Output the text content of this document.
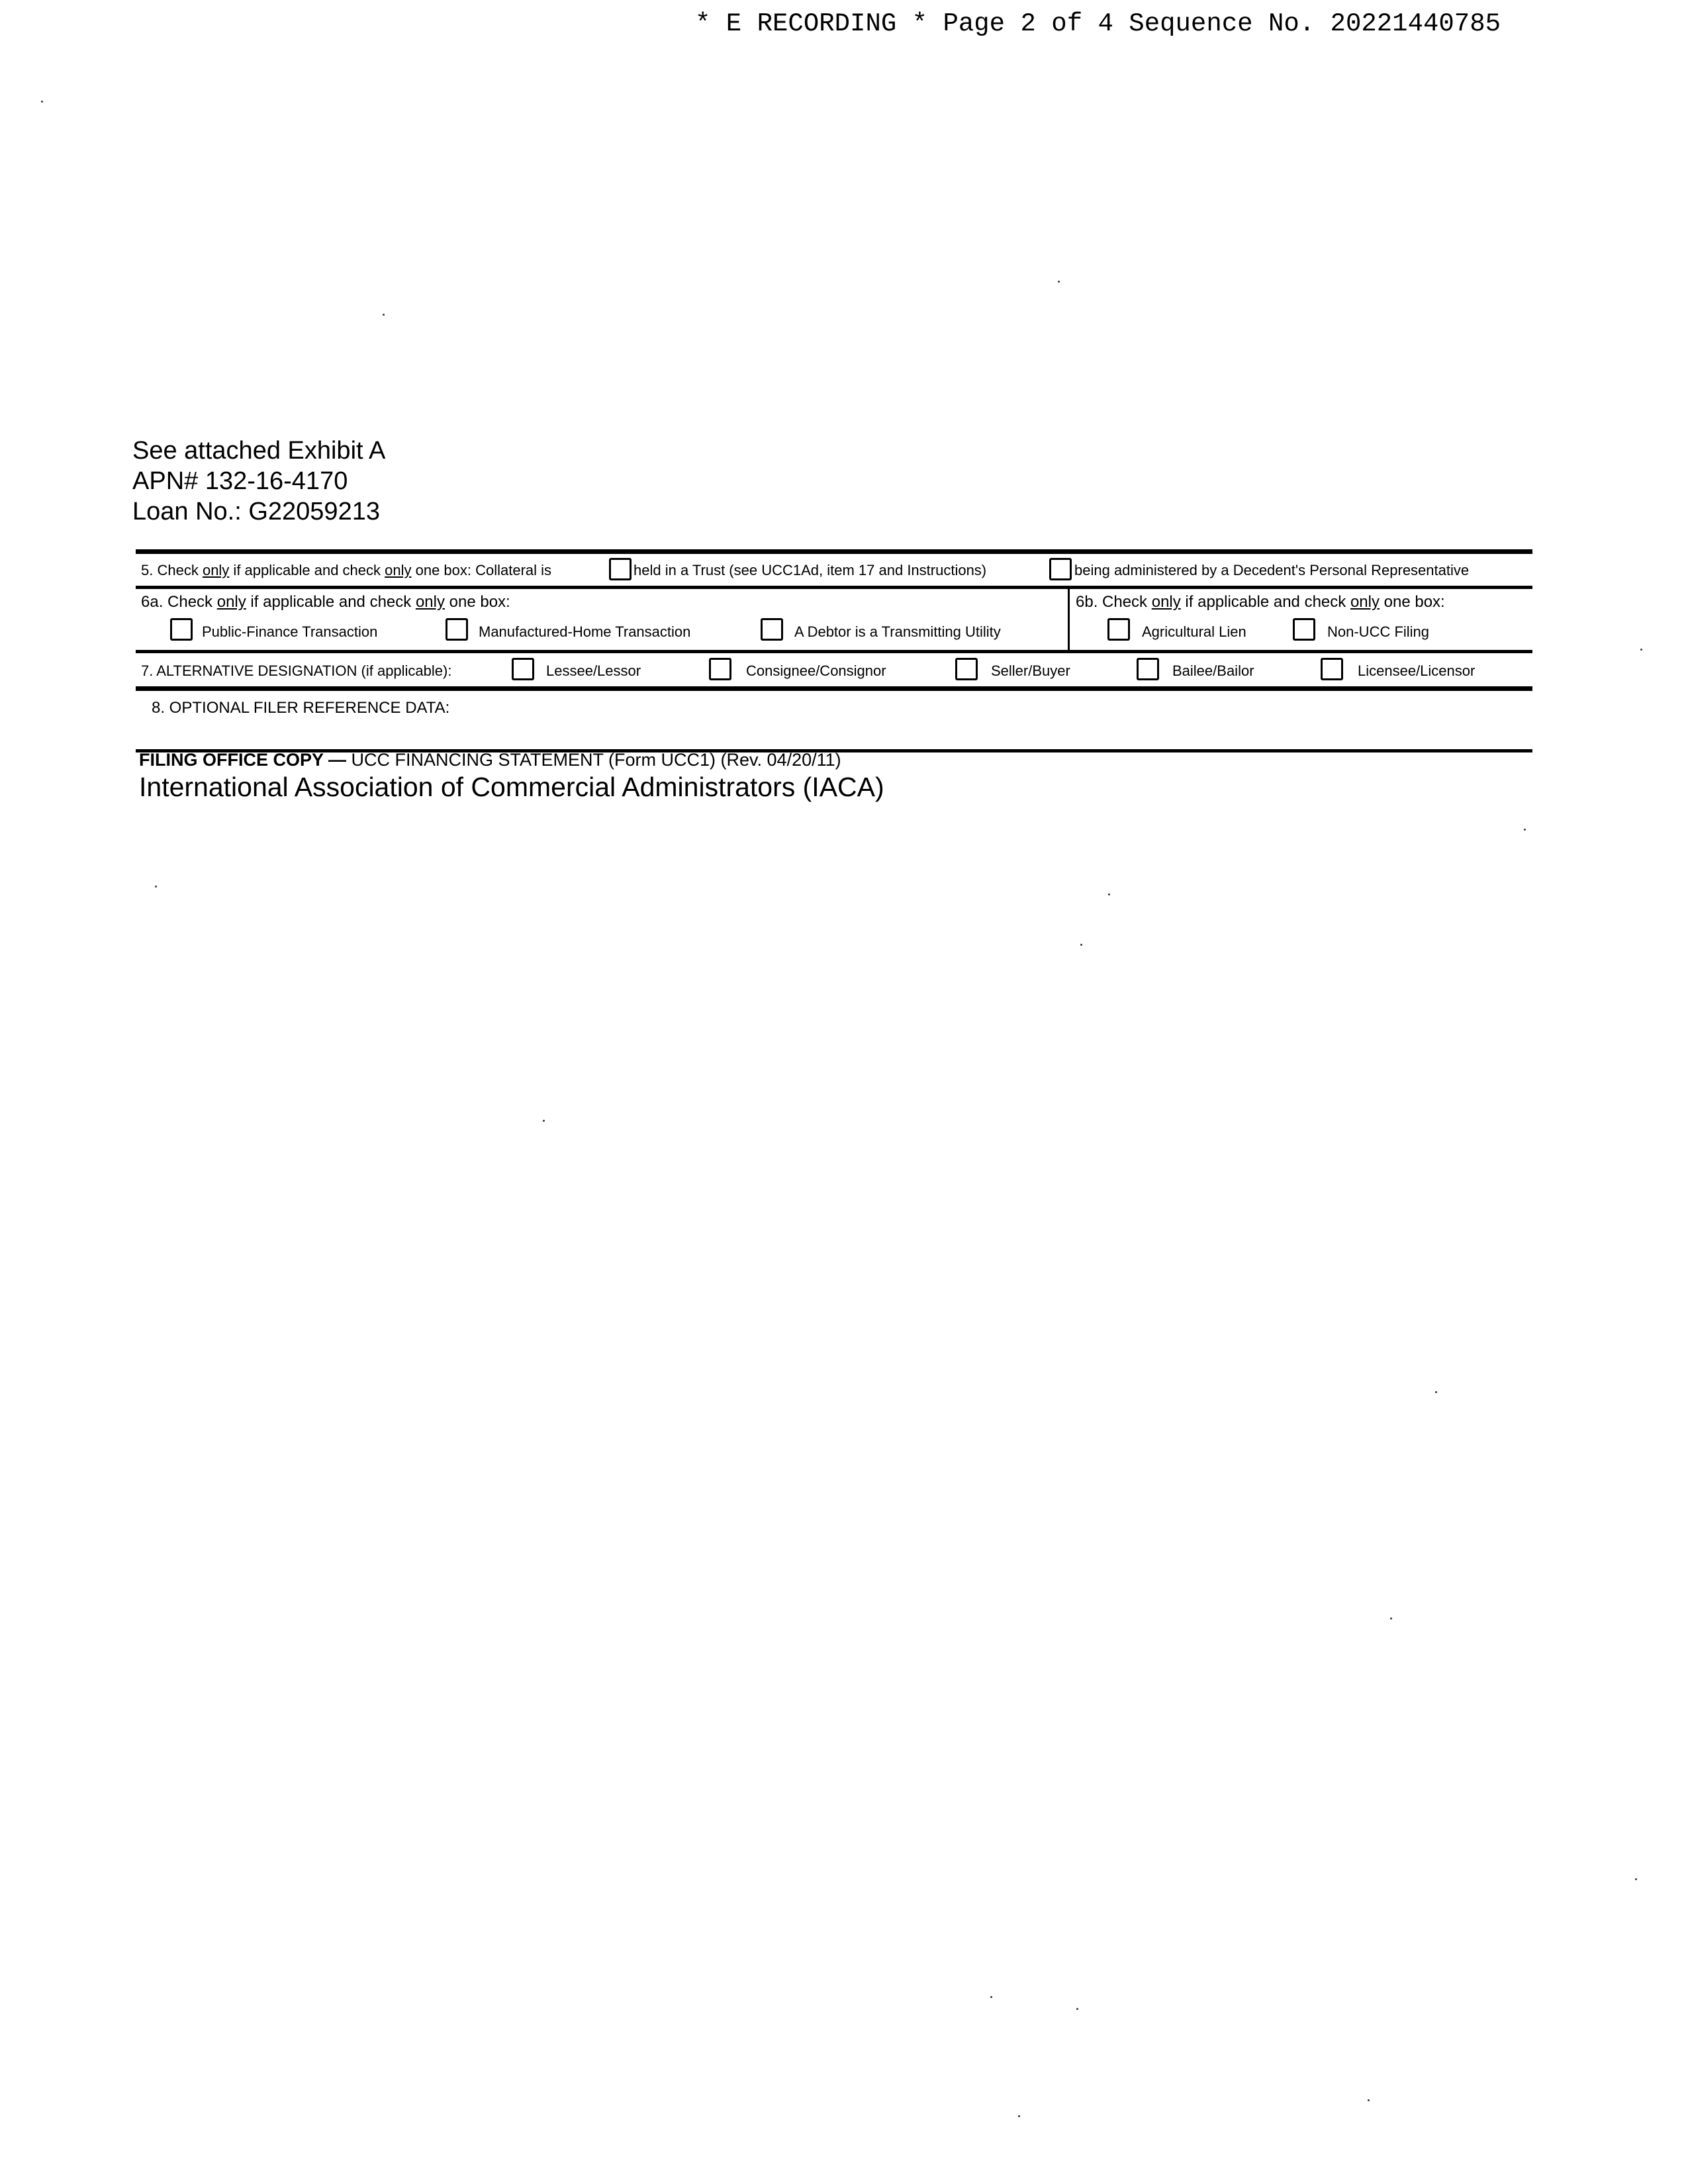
* E RECORDING * Page 2 of 4 Sequence No. 20221440785
See attached Exhibit A
APN# 132-16-4170
Loan No.: G22059213
5. Check only if applicable and check only one box: Collateral is	held in a Trust (see UCC1Ad, item 17 and Instructions)	being administered by a Decedent's Personal Representative
6a. Check only if applicable and check only one box:
Public-Finance Transaction	Manufactured-Home Transaction	A Debtor is a Transmitting Utility
6b. Check only if applicable and check only one box:
Agricultural Lien	Non-UCC Filing
7. ALTERNATIVE DESIGNATION (if applicable):	Lessee/Lessor	Consignee/Consignor	Seller/Buyer	Bailee/Bailor	Licensee/Licensor
8. OPTIONAL FILER REFERENCE DATA:
FILING OFFICE COPY — UCC FINANCING STATEMENT (Form UCC1) (Rev. 04/20/11)
International Association of Commercial Administrators (IACA)
